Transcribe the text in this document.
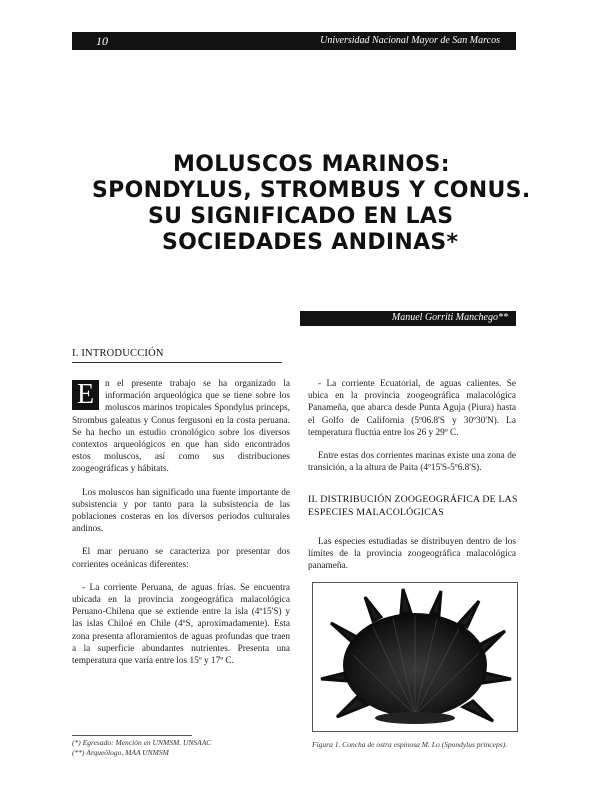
10	Universidad Nacional Mayor de San Marcos
MOLUSCOS MARINOS:
SPONDYLUS, STROMBUS Y CONUS.
SU SIGNIFICADO EN LAS
SOCIEDADES ANDINAS*
Manuel Gorriti Manchego**
I. INTRODUCCIÓN

E	n el presente trabajo se ha organizado la información arqueológica que se tiene sobre los moluscos marinos tropicales Spondylus princeps, Strombus galeatus y Conus fergusoni en la costa peruana. Se ha hecho un estudio cronológico sobre los diversos contextos arqueológicos en que han sido encontrados estos moluscos, así como sus distribuciones zoogeográficas y hábitats.

Los moluscos han significado una fuente importante de subsistencia y por tanto para la subsistencia de las poblaciones costeras en los diversos periodos culturales andinos.

El mar peruano se caracteriza por presentar dos corrientes oceánicas diferentes:

- La corriente Peruana, de aguas frías. Se encuentra ubicada en la provincia zoogeográfica malacológica Peruano-Chilena que se extiende entre la isla (4º15'S) y las islas Chiloé en Chile (4ºS, aproximadamente). Esta zona presenta afloramientos de aguas profundas que traen a la superficie abundantes nutrientes. Presenta una temperatura que varía entre los 15º y 17º C.

- La corriente Ecuatorial, de aguas calientes. Se ubica en la provincia zoogeográfica malacológica Panameña, que abarca desde Punta Aguja (Piura) hasta el Golfo de California (5º06.8'S y 30º30'N). La temperatura fluctúa entre los 26 y 29º C.

Entre estas dos corrientes marinas existe una zona de transición, a la altura de Paita (4º15'S-5º6.8'S).

II. DISTRIBUCIÓN ZOOGEOGRÁFICA DE LAS ESPECIES MALACOLÓGICAS

Las especies estudiadas se distribuyen dentro de los límites de la provincia zoogeográfica malacológica panameña.

(*) Egresado: Mención en UNMSM. UNSAAC
(**) Arqueólogo, MAA UNMSM
Figura 1. Concha de ostra espinosa M. Lo (Spondylus princeps).
